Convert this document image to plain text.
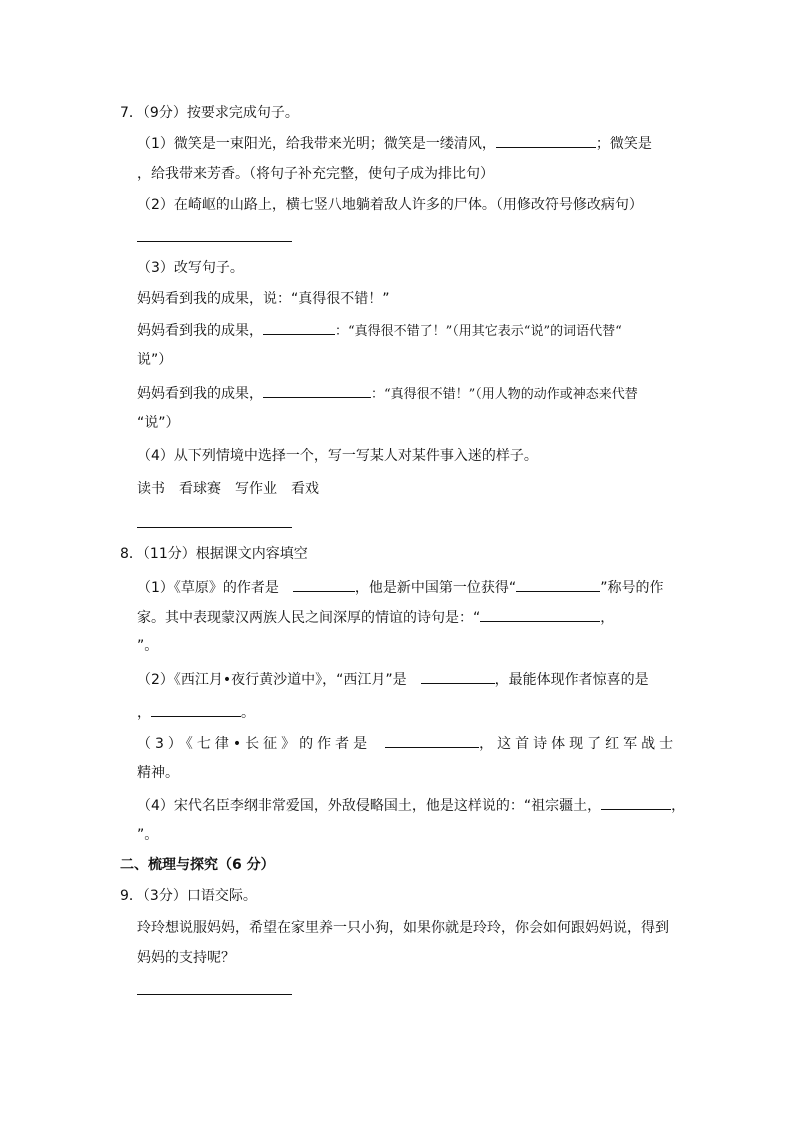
7．（9分）按要求完成句子。
（1）微笑是一束阳光，给我带来光明；微笑是一缕清风，	；微笑是
，给我带来芳香。（将句子补充完整，使句子成为排比句）
（2）在崎岖的山路上，横七竖八地躺着敌人许多的尸体。（用修改符号修改病句）
（3）改写句子。
妈妈看到我的成果，说：“真得很不错！”
妈妈看到我的成果，	：“真得很不错了！”（用其它表示“说”的词语代替“
说”）
妈妈看到我的成果，	：“真得很不错！”（用人物的动作或神态来代替
“说”）
（4）从下列情境中选择一个，写一写某人对某件事入迷的样子。
读书 看球赛 写作业 看戏
8．（11分）根据课文内容填空
（1）《草原》的作者是	，他是新中国第一位获得“	”称号的作
家。其中表现蒙汉两族人民之间深厚的情谊的诗句是：“	，
”。
（2）《西江月•夜行黄沙道中》，“西江月”是	，最能体现作者惊喜的是
，	。
（3）《七律•长征》的作者是	，这首诗体现了红军战士
精神。
（4）宋代名臣李纲非常爱国，外敌侵略国土，他是这样说的：“祖宗疆土，	，
”。
二、梳理与探究（6 分）
9．（3分）口语交际。
玲玲想说服妈妈，希望在家里养一只小狗，如果你就是玲玲，你会如何跟妈妈说，得到
妈妈的支持呢？
